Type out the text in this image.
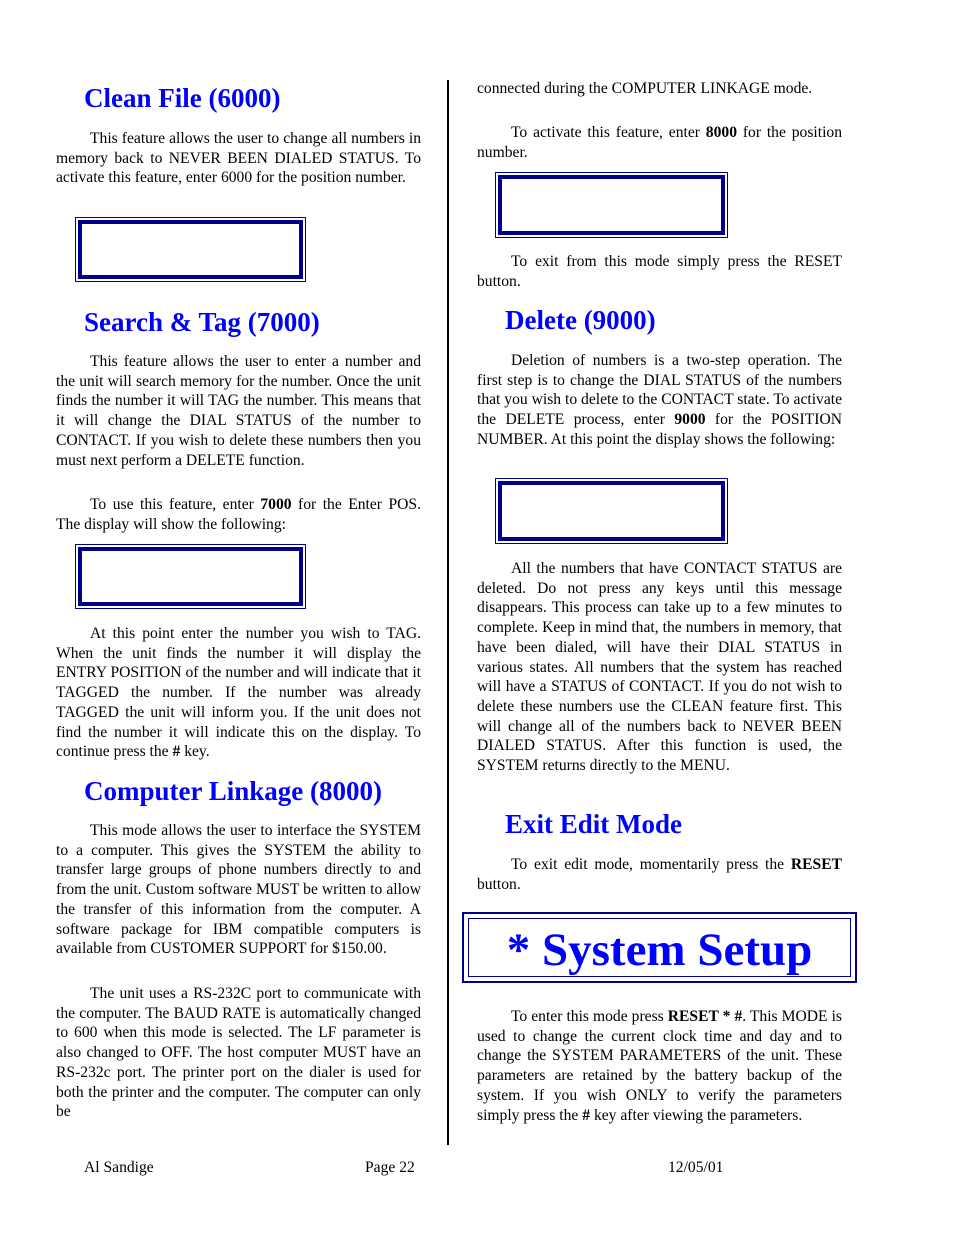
Clean File (6000)

This feature allows the user to change all numbers in memory back to NEVER BEEN DIALED STATUS. To activate this feature, enter 6000 for the position number.

Search & Tag (7000)

This feature allows the user to enter a number and the unit will search memory for the number. Once the unit finds the number it will TAG the number. This means that it will change the DIAL STATUS of the number to CONTACT. If you wish to delete these numbers then you must next perform a DELETE function.

To use this feature, enter 7000 for the Enter POS. The display will show the following:

At this point enter the number you wish to TAG. When the unit finds the number it will display the ENTRY POSITION of the number and will indicate that it TAGGED the number. If the number was already TAGGED the unit will inform you. If the unit does not find the number it will indicate this on the display. To continue press the # key.

Computer Linkage (8000)

This mode allows the user to interface the SYSTEM to a computer. This gives the SYSTEM the ability to transfer large groups of phone numbers directly to and from the unit. Custom software MUST be written to allow the transfer of this information from the computer. A software package for IBM compatible computers is available from CUSTOMER SUPPORT for $150.00.

The unit uses a RS-232C port to communicate with the computer. The BAUD RATE is automatically changed to 600 when this mode is selected. The LF parameter is also changed to OFF. The host computer MUST have an RS-232c port. The printer port on the dialer is used for both the printer and the computer. The computer can only be

connected during the COMPUTER LINKAGE mode.

To activate this feature, enter 8000 for the position number.

To exit from this mode simply press the RESET button.

Delete (9000)

Deletion of numbers is a two-step operation. The first step is to change the DIAL STATUS of the numbers that you wish to delete to the CONTACT state. To activate the DELETE process, enter 9000 for the POSITION NUMBER. At this point the display shows the following:

All the numbers that have CONTACT STATUS are deleted. Do not press any keys until this message disappears. This process can take up to a few minutes to complete. Keep in mind that, the numbers in memory, that have been dialed, will have their DIAL STATUS in various states. All numbers that the system has reached will have a STATUS of CONTACT. If you do not wish to delete these numbers use the CLEAN feature first. This will change all of the numbers back to NEVER BEEN DIALED STATUS. After this function is used, the SYSTEM returns directly to the MENU.

Exit Edit Mode

To exit edit mode, momentarily press the RESET button.

To enter this mode press RESET * #. This MODE is used to change the current clock time and day and to change the SYSTEM PARAMETERS of the unit. These parameters are retained by the battery backup of the system. If you wish ONLY to verify the parameters simply press the # key after viewing the parameters.

* System Setup
Al Sandige	Page 22	12/05/01
